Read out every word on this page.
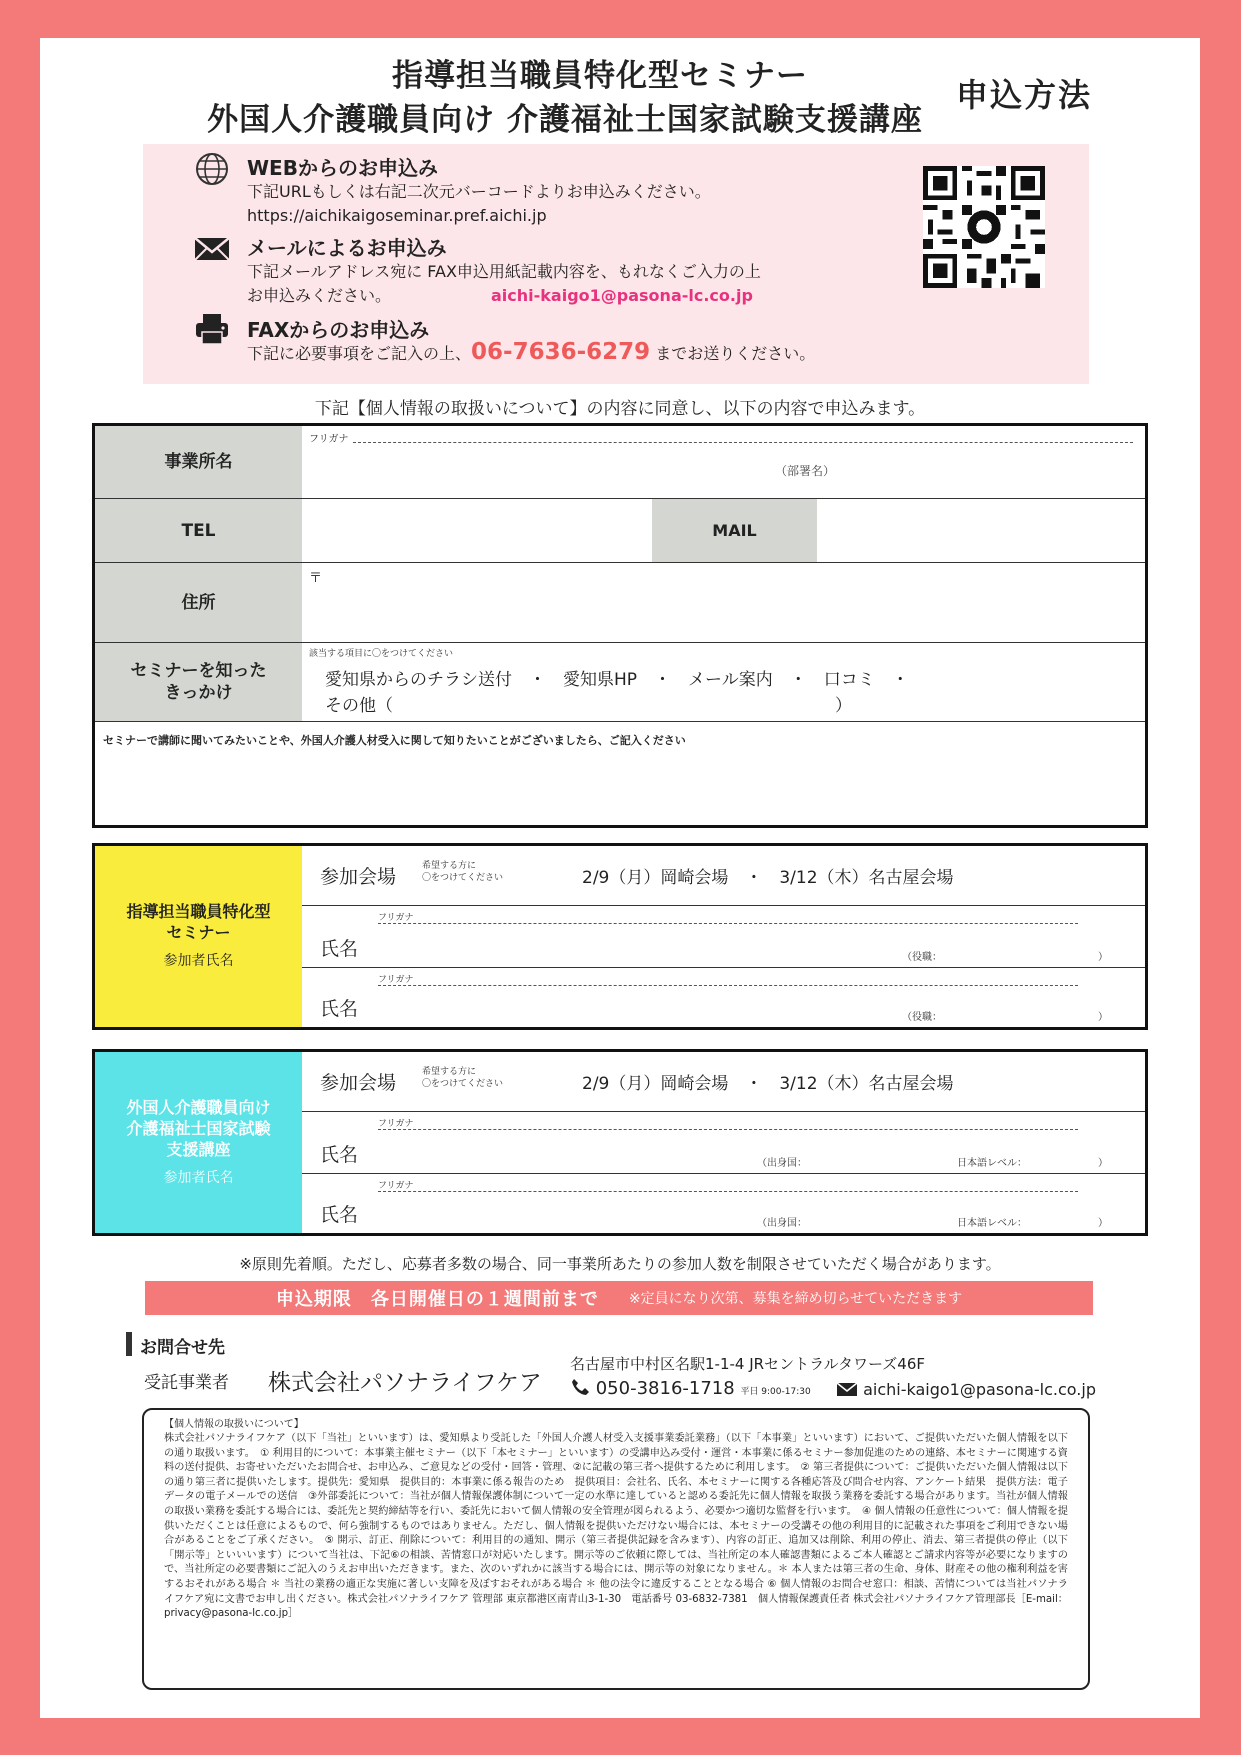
指導担当職員特化型セミナー
外国人介護職員向け 介護福祉士国家試験支援講座
申込方法
WEBからのお申込み
下記URLもしくは右記二次元バーコードよりお申込みください。
https://aichikaigoseminar.pref.aichi.jp
メールによるお申込み
下記メールアドレス宛に FAX申込用紙記載内容を、もれなくご入力の上
お申込みください。	aichi-kaigo1@pasona-lc.co.jp
FAXからのお申込み
下記に必要事項をご記入の上、06-7636-6279 までお送りください。
下記【個人情報の取扱いについて】の内容に同意し、以下の内容で申込みます。
事業所名
フリガナ
（部署名）
TEL	MAIL
住所
〒
セミナーを知った
きっかけ
該当する項目に〇をつけてください
愛知県からのチラシ送付　・　愛知県HP　・　メール案内　・　口コミ　・
その他（　　　　　　　　　　　　　　　　　　　　　　　　　　）
セミナーで講師に聞いてみたいことや、外国人介護人材受入に関して知りたいことがございましたら、ご記入ください
指導担当職員特化型
セミナー
参加者氏名
参加会場	希望する方に
〇をつけてください	2/9（月）岡崎会場　・　3/12（木）名古屋会場
フリガナ
氏名	（役職：	）
フリガナ
氏名	（役職：	）
外国人介護職員向け
介護福祉士国家試験
支援講座
参加者氏名
参加会場	希望する方に
〇をつけてください	2/9（月）岡崎会場　・　3/12（木）名古屋会場
フリガナ
氏名	（出身国：	日本語レベル：	）
フリガナ
氏名	（出身国：	日本語レベル：	）
※原則先着順。ただし、応募者多数の場合、同一事業所あたりの参加人数を制限させていただく場合があります。
申込期限　各日開催日の１週間前まで ※定員になり次第、募集を締め切らせていただきます
お問合せ先
受託事業者 株式会社パソナライフケア
名古屋市中村区名駅1-1-4 JRセントラルタワーズ46F
050-3816-1718 平日 9:00-17:30	aichi-kaigo1@pasona-lc.co.jp
【個人情報の取扱いについて】
株式会社パソナライフケア（以下「当社」といいます）は、愛知県より受託した「外国人介護人材受入支援事業委託業務」（以下「本事業」といいます）において、ご提供いただいた個人情報を以下の通り取扱います。　① 利用目的について：本事業主催セミナー（以下「本セミナー」といいます）の受講申込み受付・運営・本事業に係るセミナー参加促進のための連絡、本セミナーに関連する資料の送付提供、お寄せいただいたお問合せ、お申込み、ご意見などの受付・回答・管理、②に記載の第三者へ提供するために利用します。　② 第三者提供について：ご提供いただいた個人情報は以下の通り第三者に提供いたします。提供先：愛知県　提供目的：本事業に係る報告のため　提供項目：会社名、氏名、本セミナーに関する各種応答及び問合せ内容、アンケート結果　提供方法：電子データの電子メールでの送信　③外部委託について：当社が個人情報保護体制について一定の水準に達していると認める委託先に個人情報を取扱う業務を委託する場合があります。当社が個人情報の取扱い業務を委託する場合には、委託先と契約締結等を行い、委託先において個人情報の安全管理が図られるよう、必要かつ適切な監督を行います。　④ 個人情報の任意性について：個人情報を提供いただくことは任意によるもので、何ら強制するものではありません。ただし、個人情報を提供いただけない場合には、本セミナーの受講その他の利用目的に記載された事項をご利用できない場合があることをご了承ください。　⑤ 開示、訂正、削除について：利用目的の通知、開示（第三者提供記録を含みます）、内容の訂正、追加又は削除、利用の停止、消去、第三者提供の停止（以下「開示等」といいいます）について当社は、下記⑥の相談、苦情窓口が対応いたします。開示等のご依頼に際しては、当社所定の本人確認書類によるご本人確認とご請求内容等が必要になりますので、当社所定の必要書類にご記入のうえお申出いただきます。また、次のいずれかに該当する場合には、開示等の対象になりません。＊ 本人または第三者の生命、身体、財産その他の権利利益を害するおそれがある場合 ＊ 当社の業務の適正な実施に著しい支障を及ぼすおそれがある場合 ＊ 他の法令に違反することとなる場合 ⑥ 個人情報のお問合せ窓口：相談、苦情については当社パソナライフケア宛に文書でお申し出ください。株式会社パソナライフケア 管理部 東京都港区南青山3-1-30　電話番号 03-6832-7381　個人情報保護責任者 株式会社パソナライフケア管理部長［E-mail：privacy@pasona-lc.co.jp］
